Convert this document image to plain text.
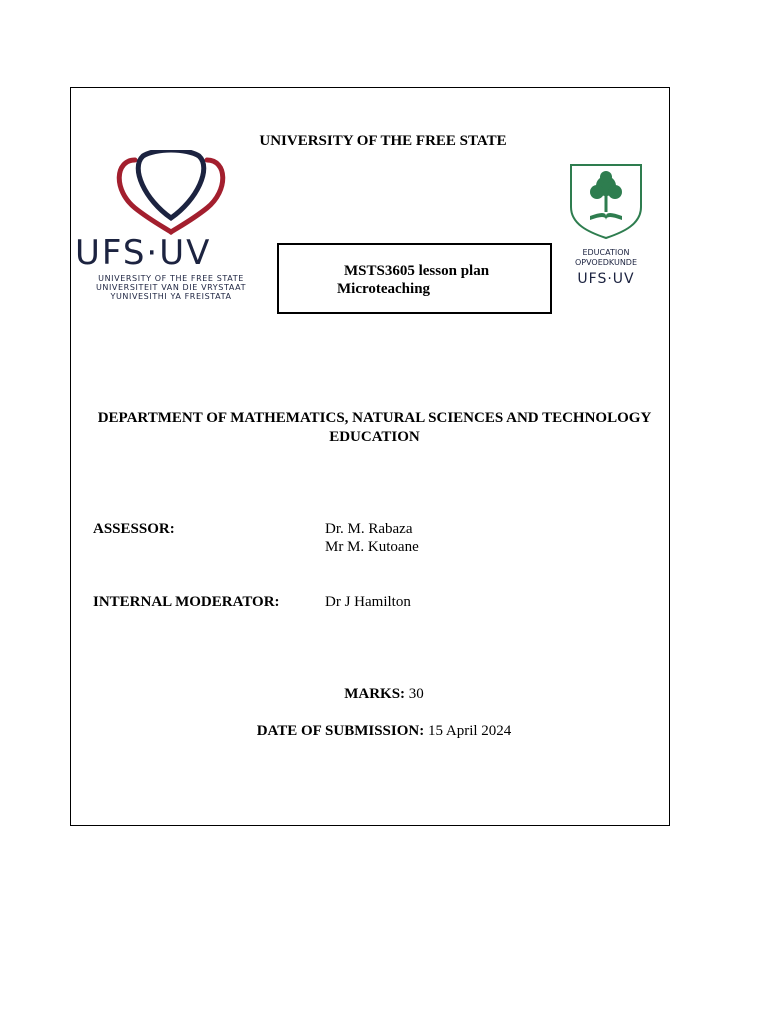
UNIVERSITY OF THE FREE STATE
UFS·UV
UNIVERSITY OF THE FREE STATE
UNIVERSITEIT VAN DIE VRYSTAAT
YUNIVESITHI YA FREISTATA
EDUCATION
OPVOEDKUNDE
UFS·UV
MSTS3605 lesson plan
Microteaching
DEPARTMENT OF MATHEMATICS, NATURAL SCIENCES AND TECHNOLOGY
EDUCATION
ASSESSOR:	Dr. M. Rabaza
Mr M. Kutoane
INTERNAL MODERATOR:	Dr J Hamilton
MARKS: 30
DATE OF SUBMISSION: 15 April 2024
